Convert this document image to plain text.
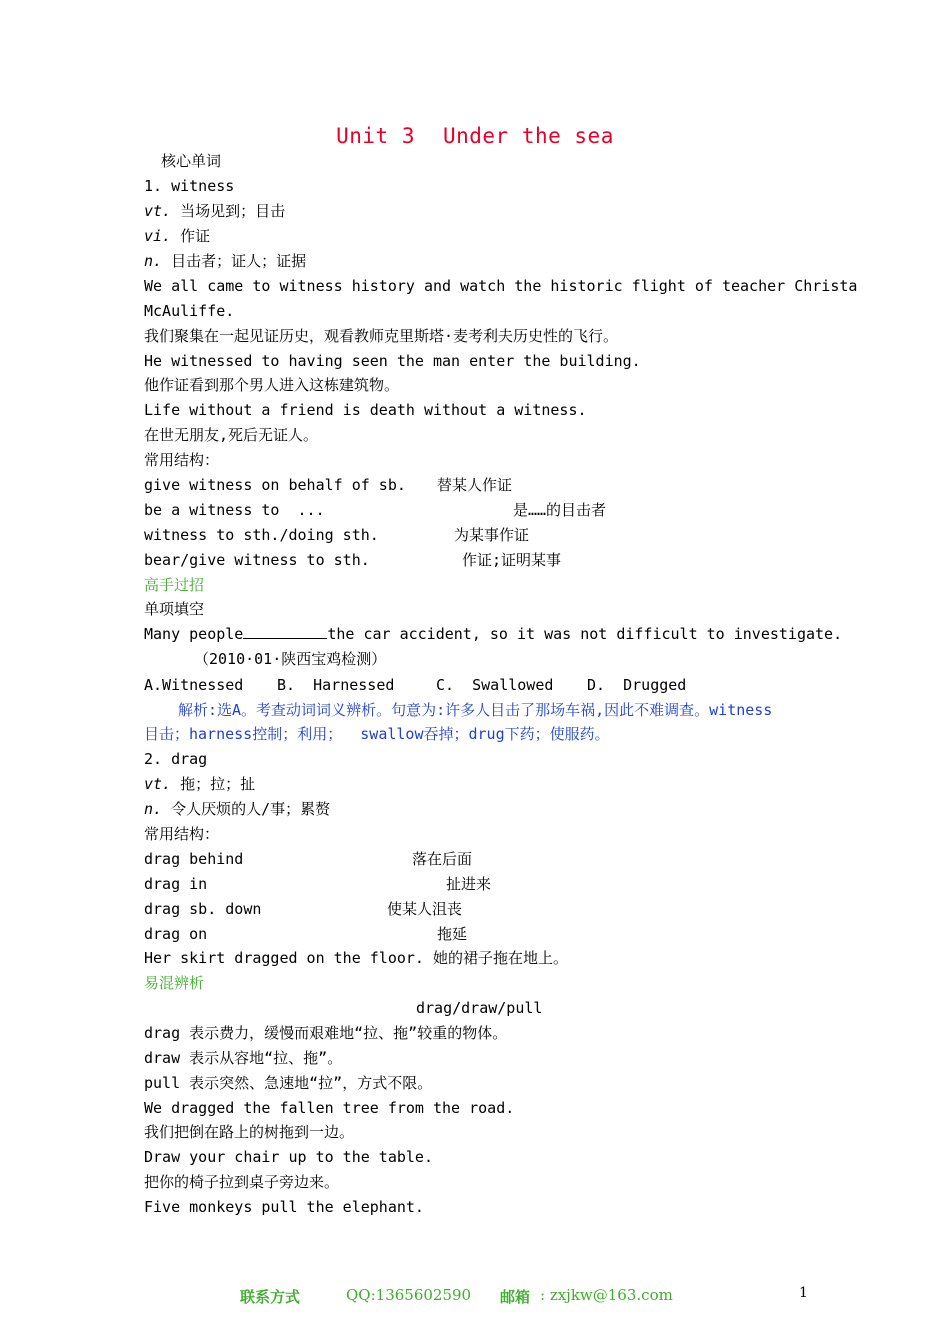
Unit 3 Under the sea
核心单词
1. witness
vt. 当场见到；目击
vi. 作证
n. 目击者；证人；证据
We all came to witness history and watch the historic flight of teacher Christa
McAuliffe.
我们聚集在一起见证历史，观看教师克里斯塔·麦考利夫历史性的飞行。
He witnessed to having seen the man enter the building.
他作证看到那个男人进入这栋建筑物。
Life without a friend is death without a witness.
在世无朋友,死后无证人。
常用结构：
give witness on behalf of sb. 替某人作证
be a witness to  ...	是……的目击者
witness to sth./doing sth.	为某事作证
bear/give witness to sth.	作证;证明某事
高手过招
单项填空
Many people	the car accident, so it was not difficult to investigate.
（2010·01·陕西宝鸡检测）
A.Witnessed B.  Harnessed	C.  Swallowed D.  Drugged
解析:选A。考查动词词义辨析。句意为:许多人目击了那场车祸,因此不难调查。witness
目击；harness控制；利用；  swallow吞掉；drug下药；使服药。
2. drag
vt. 拖；拉；扯
n. 令人厌烦的人/事；累赘
常用结构：
drag behind	落在后面
drag in	扯进来
drag sb. down	使某人沮丧
drag on	拖延
Her skirt dragged on the floor. 她的裙子拖在地上。
易混辨析
drag/draw/pull
drag 表示费力，缓慢而艰难地“拉、拖”较重的物体。
draw 表示从容地“拉、拖”。
pull 表示突然、急速地“拉”，方式不限。
We dragged the fallen tree from the road.
我们把倒在路上的树拖到一边。
Draw your chair up to the table.
把你的椅子拉到桌子旁边来。
Five monkeys pull the elephant.
联系方式	QQ:1365602590 邮箱 : zxjkw@163.com	1
